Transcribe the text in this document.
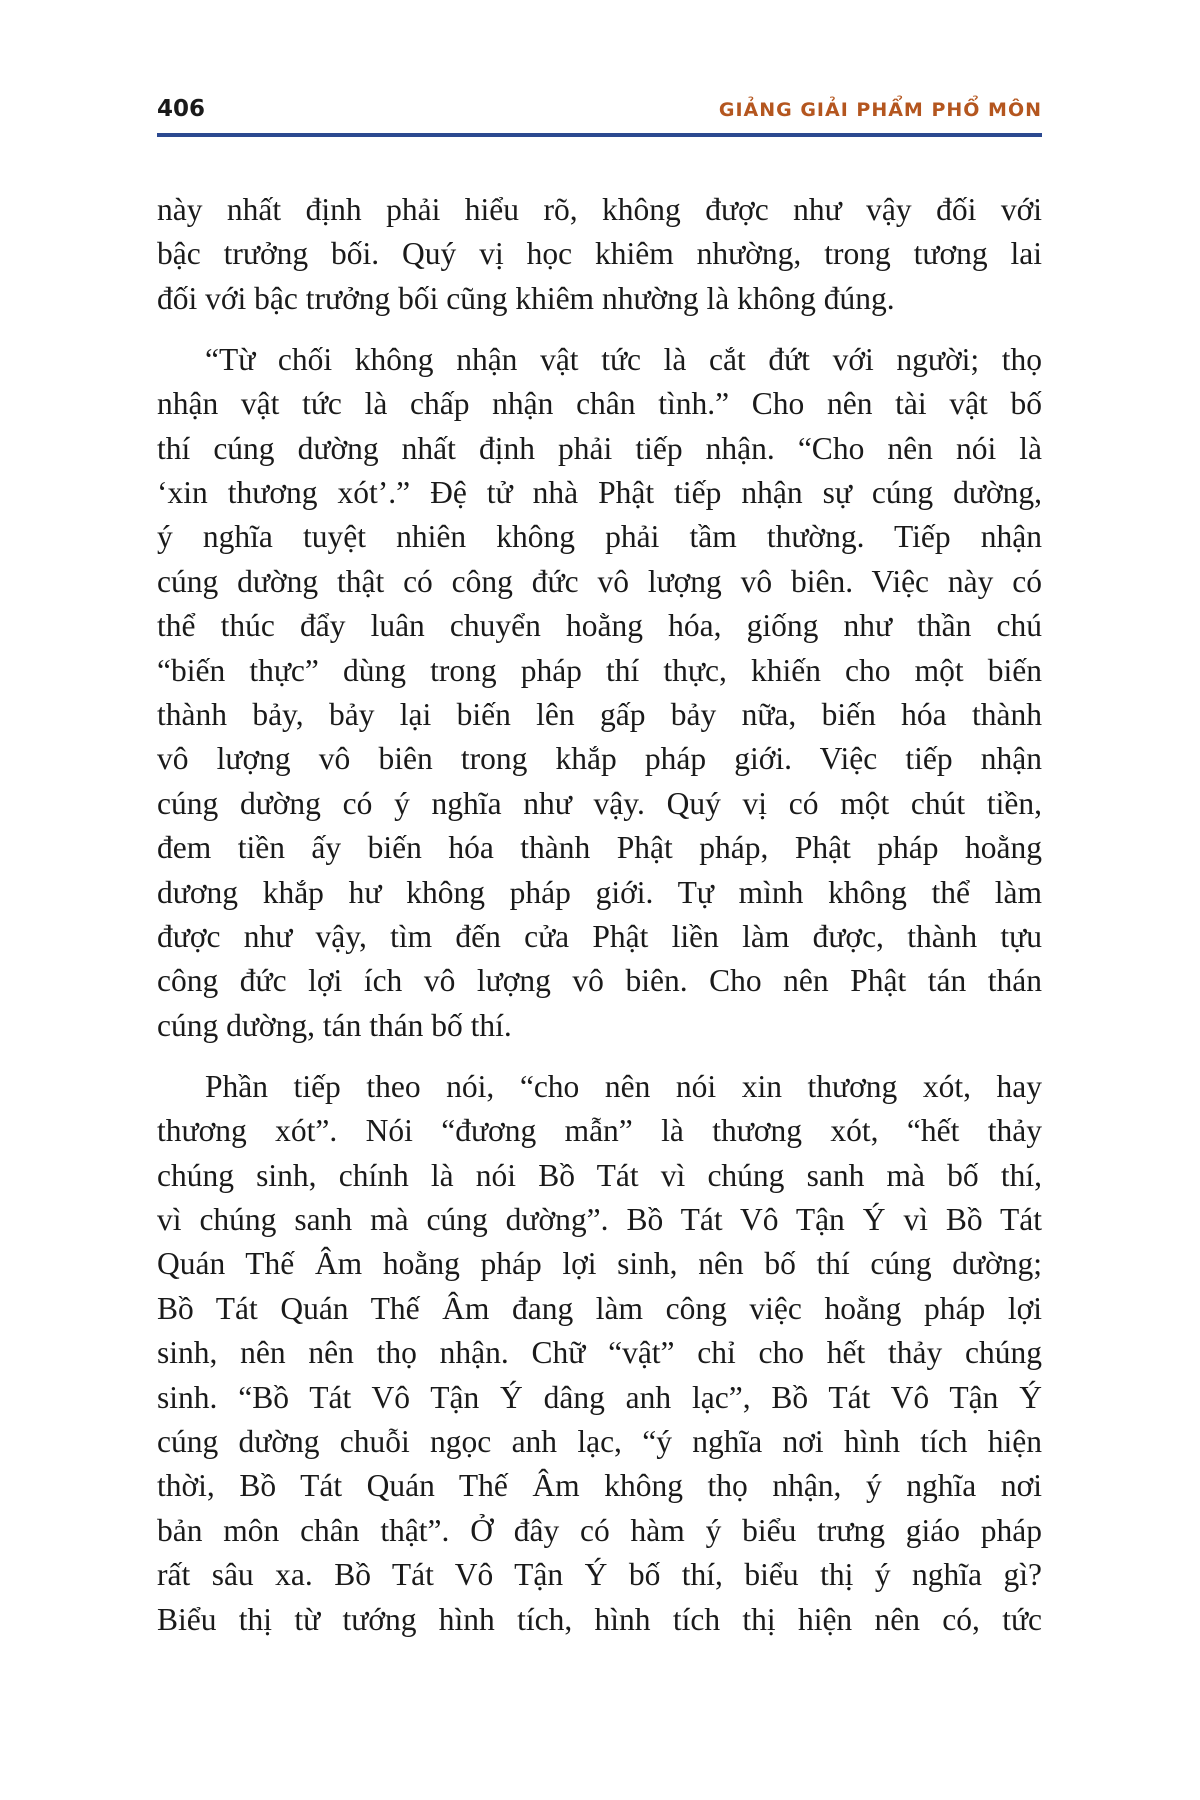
406	GIẢNG GIẢI PHẨM PHỔ MÔN
này nhất định phải hiểu rõ, không được như vậy đối với
bậc trưởng bối. Quý vị học khiêm nhường, trong tương lai
đối với bậc trưởng bối cũng khiêm nhường là không đúng.
“Từ chối không nhận vật tức là cắt đứt với người; thọ
nhận vật tức là chấp nhận chân tình.” Cho nên tài vật bố
thí cúng dường nhất định phải tiếp nhận. “Cho nên nói là
‘xin thương xót’.” Đệ tử nhà Phật tiếp nhận sự cúng dường,
ý nghĩa tuyệt nhiên không phải tầm thường. Tiếp nhận
cúng dường thật có công đức vô lượng vô biên. Việc này có
thể thúc đẩy luân chuyển hoằng hóa, giống như thần chú
“biến thực” dùng trong pháp thí thực, khiến cho một biến
thành bảy, bảy lại biến lên gấp bảy nữa, biến hóa thành
vô lượng vô biên trong khắp pháp giới. Việc tiếp nhận
cúng dường có ý nghĩa như vậy. Quý vị có một chút tiền,
đem tiền ấy biến hóa thành Phật pháp, Phật pháp hoằng
dương khắp hư không pháp giới. Tự mình không thể làm
được như vậy, tìm đến cửa Phật liền làm được, thành tựu
công đức lợi ích vô lượng vô biên. Cho nên Phật tán thán
cúng dường, tán thán bố thí.
Phần tiếp theo nói, “cho nên nói xin thương xót, hay
thương xót”. Nói “đương mẫn” là thương xót, “hết thảy
chúng sinh, chính là nói Bồ Tát vì chúng sanh mà bố thí,
vì chúng sanh mà cúng dường”. Bồ Tát Vô Tận Ý vì Bồ Tát
Quán Thế Âm hoằng pháp lợi sinh, nên bố thí cúng dường;
Bồ Tát Quán Thế Âm đang làm công việc hoằng pháp lợi
sinh, nên nên thọ nhận. Chữ “vật” chỉ cho hết thảy chúng
sinh. “Bồ Tát Vô Tận Ý dâng anh lạc”, Bồ Tát Vô Tận Ý
cúng dường chuỗi ngọc anh lạc, “ý nghĩa nơi hình tích hiện
thời, Bồ Tát Quán Thế Âm không thọ nhận, ý nghĩa nơi
bản môn chân thật”. Ở đây có hàm ý biểu trưng giáo pháp
rất sâu xa. Bồ Tát Vô Tận Ý bố thí, biểu thị ý nghĩa gì?
Biểu thị từ tướng hình tích, hình tích thị hiện nên có, tức
